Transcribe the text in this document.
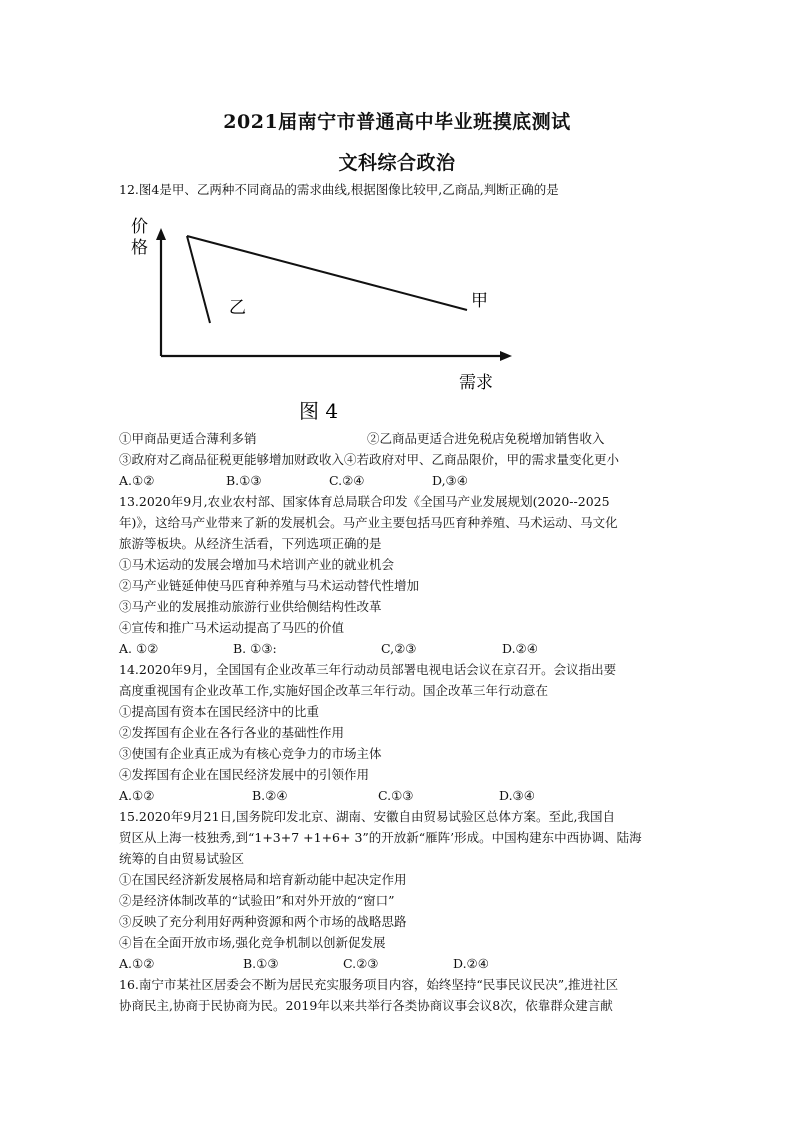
2021届南宁市普通高中毕业班摸底测试
文科综合政治
12.图4是甲、乙两种不同商品的需求曲线,根据图像比较甲,乙商品,判断正确的是
价
格
乙	甲
需求
图 4
①甲商品更适合薄利多销	②乙商品更适合进免税店免税增加销售收入
③政府对乙商品征税更能够增加财政收入④若政府对甲、乙商品限价，甲的需求量变化更小
A.①②	B.①③	C.②④	D,③④
13.2020年9月,农业农村部、国家体育总局联合印发《全国马产业发展规划(2020--2025
年)》，这给马产业带来了新的发展机会。马产业主要包括马匹育种养殖、马术运动、马文化
旅游等板块。从经济生活看，下列选项正确的是
①马术运动的发展会增加马术培训产业的就业机会
②马产业链延伸使马匹育种养殖与马术运动替代性增加
③马产业的发展推动旅游行业供给侧结构性改革
④宣传和推广马术运动提高了马匹的价值
A. ①②	B. ①③:	C,②③	D.②④
14.2020年9月，全国国有企业改革三年行动动员部署电视电话会议在京召开。会议指出要
高度重视国有企业改革工作,实施好国企改革三年行动。国企改革三年行动意在
①提高国有资本在国民经济中的比重
②发挥国有企业在各行各业的基础性作用
③使国有企业真正成为有核心竞争力的市场主体
④发挥国有企业在国民经济发展中的引领作用
A.①②	B.②④	C.①③	D.③④
15.2020年9月21日,国务院印发北京、湖南、安徽自由贸易试验区总体方案。至此,我国自
贸区从上海一枝独秀,到“1+3+7 +1+6+ 3”的开放新“雁阵’形成。中国构建东中西协调、陆海
统筹的自由贸易试验区
①在国民经济新发展格局和培育新动能中起决定作用
②是经济体制改革的“试验田”和对外开放的“窗口”
③反映了充分利用好两种资源和两个市场的战略思路
④旨在全面开放市场,强化竞争机制以创新促发展
A.①②	B.①③	C.②③	D.②④
16.南宁市某社区居委会不断为居民充实服务项目内容，始终坚持“民事民议民决”,推进社区
协商民主,协商于民协商为民。2019年以来共举行各类协商议事会议8次，依靠群众建言献
